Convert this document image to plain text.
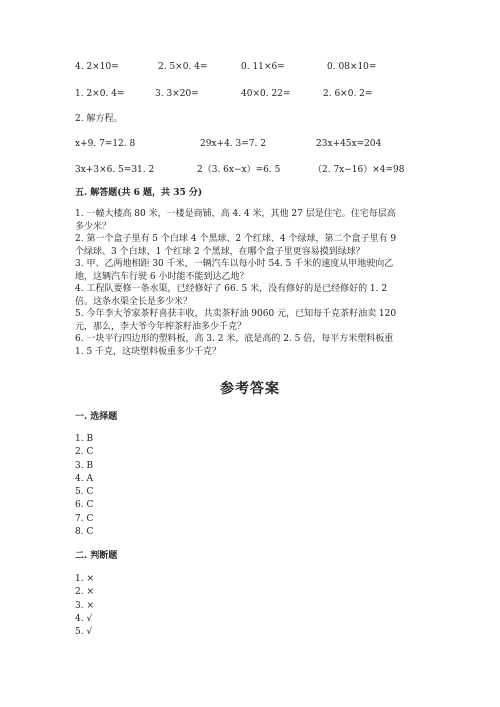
4. 2×10=	2. 5×0. 4=	0. 11×6=	0. 08×10=
1. 2×0. 4=	3. 3×20=	40×0. 22=	2. 6×0. 2=
2. 解方程。
x+9. 7=12. 8	29x+4. 3=7. 2	23x+45x=204
3x+3×6. 5=31. 2	2（3. 6x−x）=6. 5	（2. 7x−16）×4=98
五. 解答题(共 6 题，共 35 分)
1. 一幢大楼高 80 米，一楼是商铺，高 4. 4 米，其他 27 层是住宅。住宅每层高
多少米？
2. 第一个盒子里有 5 个白球 4 个黑球、2 个红球、4 个绿球，第二个盒子里有 9
个绿球、3 个白球、1 个红球 2 个黑球，在哪个盒子里更容易摸到绿球？
3. 甲、乙两地相距 30 千米，一辆汽车以每小时 54. 5 千米的速度从甲地驶向乙
地，这辆汽车行驶 6 小时能不能到达乙地？
4. 工程队要修一条水渠，已经修好了 66. 5 米，没有修好的是已经修好的 1. 2
倍。这条水渠全长是多少米？
5. 今年李大爷家茶籽喜获丰收，共卖茶籽油 9060 元，已知每千克茶籽油卖 120
元，那么，李大爷今年榨茶籽油多少千克？
6. 一块平行四边形的塑料板，高 3. 2 米，底是高的 2. 5 倍，每平方米塑料板重
1. 5 千克，这块塑料板重多少千克？
参考答案
一. 选择题
1. B
2. C
3. B
4. A
5. C
6. C
7. C
8. C
二. 判断题
1. ×
2. ×
3. ×
4. √
5. √
